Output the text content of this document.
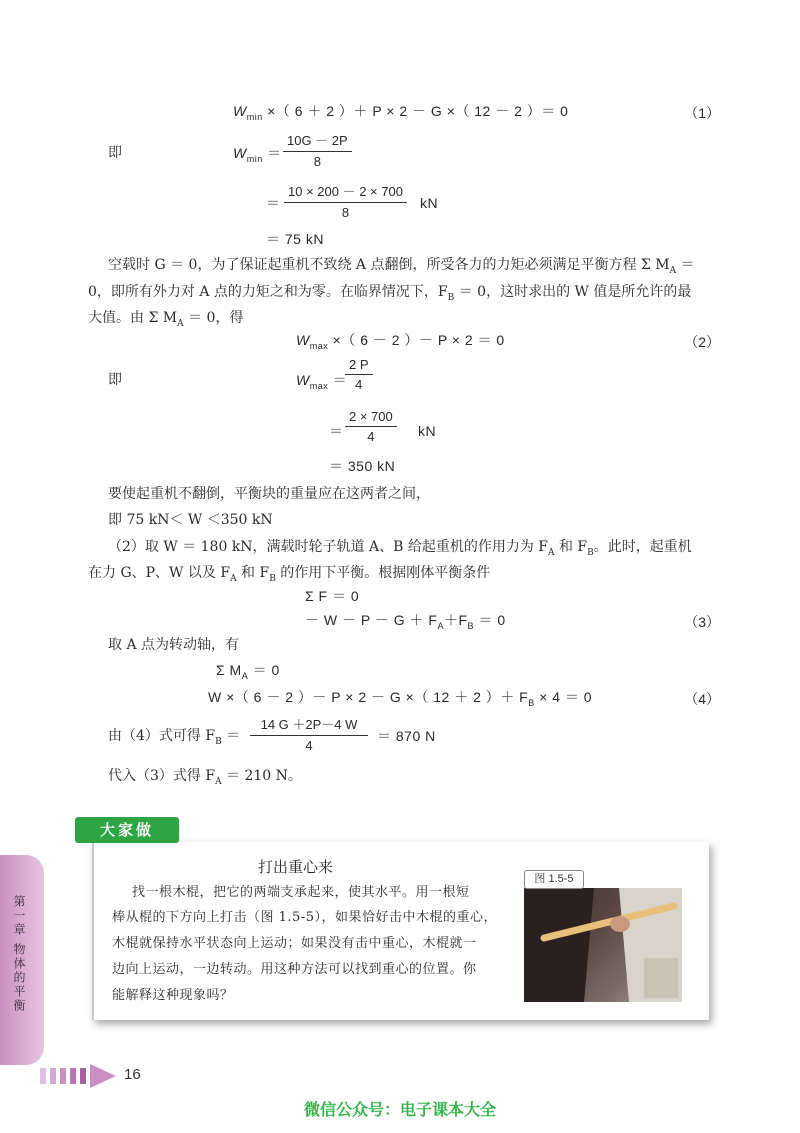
$W_{min}$ ×（ 6 ＋ 2 ）＋ P × 2 － G ×（ 12 － 2 ）＝ 0	（1）
即	$W_{min}$ ＝
10G － 2P
8
＝
10 × 200 － 2 × 700
8
kN
＝ 75 kN
空载时 G ＝ 0，为了保证起重机不致绕 A 点翻倒，所受各力的力矩必须满足平衡方程 Σ $M_A$ ＝
0，即所有外力对 A 点的力矩之和为零。在临界情况下，$F_B = 0$，这时求出的 W 值是所允许的最
大值。由 Σ $M_A = 0$，得
$W_{max}$ ×（ 6 － 2 ）－ P × 2 ＝ 0	（2）
即	$W_{max}$ ＝
2 P
4
＝
2 × 700
4	kN
＝ 350 kN
要使起重机不翻倒，平衡块的重量应在这两者之间，
即 75 kN＜ W ＜350 kN
（2）取 W ＝ 180 kN，满载时轮子轨道 A、B 给起重机的作用力为 $F_A$ 和 $F_B$。此时，起重机
在力 G、P、W 以及 $F_A$ 和 $F_B$ 的作用下平衡。根据刚体平衡条件
Σ F ＝ 0
－ $W - P - G + F_A+F_B = 0$	（3）
取 A 点为转动轴，有
Σ $M_A = 0$
W ×（ 6 － 2 ）－ P × 2 － G ×（ 12 ＋ 2 ）＋ $F_B \times 4 = 0$	（4）
由（4）式可得 $F_B$ ＝
14 G ＋2P－4 W
4
＝ 870 N
代入（3）式得 $F_A = 210$ N。
大家做
打出重心来
找一根木棍，把它的两端支承起来，使其水平。用一根短
棒从棍的下方向上打击（图 1.5-5），如果恰好击中木棍的重心，
木棍就保持水平状态向上运动；如果没有击中重心，木棍就一
边向上运动，一边转动。用这种方法可以找到重心的位置。你
能解释这种现象吗？
图 1.5-5
第一章 物体的平衡
16
微信公众号：电子课本大全
